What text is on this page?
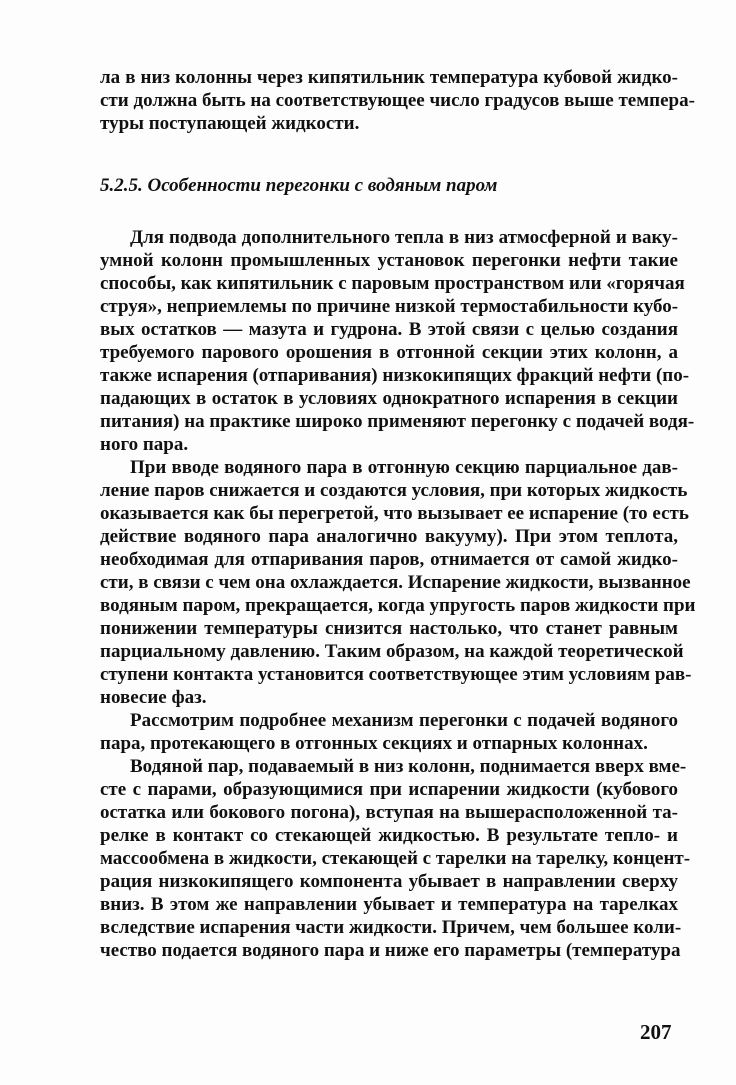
ла в низ колонны через кипятильник температура кубовой жидко-
сти должна быть на соответствующее число градусов выше темпера-
туры поступающей жидкости.
5.2.5. Особенности перегонки с водяным паром
Для подвода дополнительного тепла в низ атмосферной и ваку-
умной колонн промышленных установок перегонки нефти такие
способы, как кипятильник с паровым пространством или «горячая
струя», неприемлемы по причине низкой термостабильности кубо-
вых остатков — мазута и гудрона. В этой связи с целью создания
требуемого парового орошения в отгонной секции этих колонн, а
также испарения (отпаривания) низкокипящих фракций нефти (по-
падающих в остаток в условиях однократного испарения в секции
питания) на практике широко применяют перегонку с подачей водя-
ного пара.
При вводе водяного пара в отгонную секцию парциальное дав-
ление паров снижается и создаются условия, при которых жидкость
оказывается как бы перегретой, что вызывает ее испарение (то есть
действие водяного пара аналогично вакууму). При этом теплота,
необходимая для отпаривания паров, отнимается от самой жидко-
сти, в связи с чем она охлаждается. Испарение жидкости, вызванное
водяным паром, прекращается, когда упругость паров жидкости при
понижении температуры снизится настолько, что станет равным
парциальному давлению. Таким образом, на каждой теоретической
ступени контакта установится соответствующее этим условиям рав-
новесие фаз.
Рассмотрим подробнее механизм перегонки с подачей водяного
пара, протекающего в отгонных секциях и отпарных колоннах.
Водяной пар, подаваемый в низ колонн, поднимается вверх вме-
сте с парами, образующимися при испарении жидкости (кубового
остатка или бокового погона), вступая на вышерасположенной та-
релке в контакт со стекающей жидкостью. В результате тепло- и
массообмена в жидкости, стекающей с тарелки на тарелку, концент-
рация низкокипящего компонента убывает в направлении сверху
вниз. В этом же направлении убывает и температура на тарелках
вследствие испарения части жидкости. Причем, чем большее коли-
чество подается водяного пара и ниже его параметры (температура
207
